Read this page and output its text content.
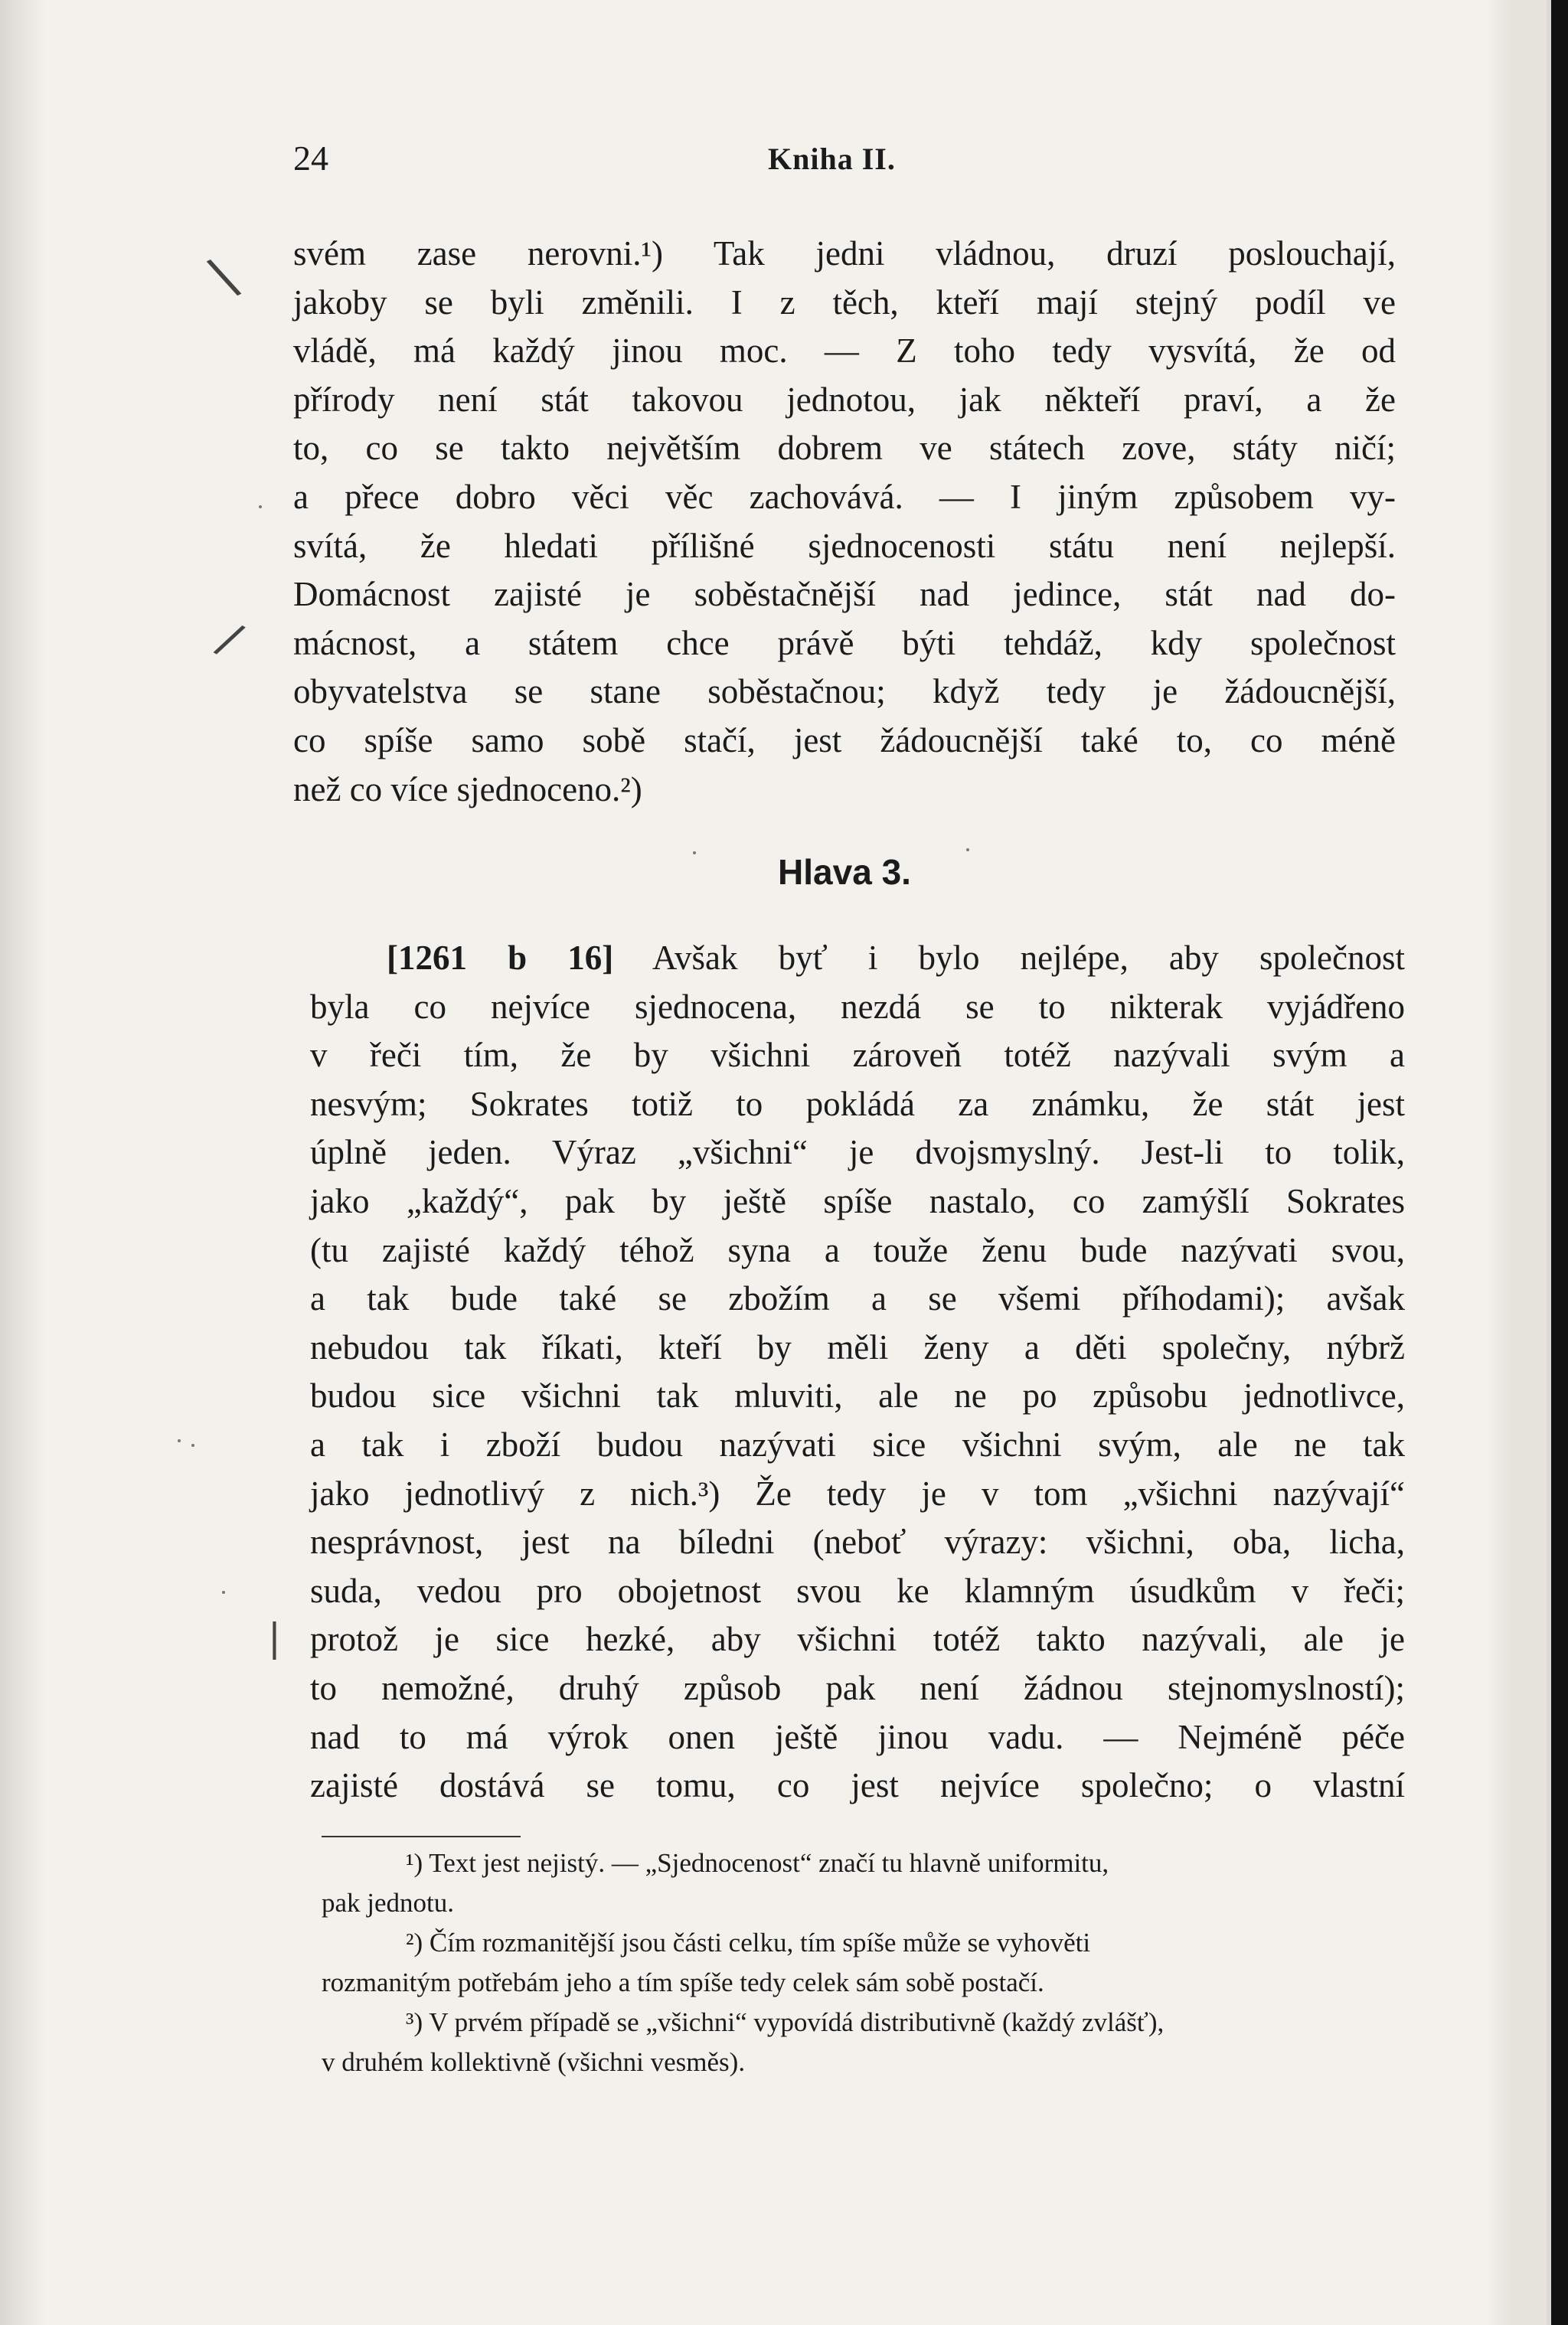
\
/
|
24	Kniha II.
svém zase nerovni.¹) Tak jedni vládnou, druzí poslouchají,
jakoby se byli změnili. I z těch, kteří mají stejný podíl ve
vládě, má každý jinou moc. — Z toho tedy vysvítá, že od
přírody není stát takovou jednotou, jak někteří praví, a že
to, co se takto největším dobrem ve státech zove, státy ničí;
a přece dobro věci věc zachovává. — I jiným způsobem vy-
svítá, že hledati přílišné sjednocenosti státu není nejlepší.
Domácnost zajisté je soběstačnější nad jedince, stát nad do-
mácnost, a státem chce právě býti tehdáž, kdy společnost
obyvatelstva se stane soběstačnou; když tedy je žádoucnější,
co spíše samo sobě stačí, jest žádoucnější také to, co méně
než co více sjednoceno.²)
Hlava 3.
[1261 b 16] Avšak byť i bylo nejlépe, aby společnost
byla co nejvíce sjednocena, nezdá se to nikterak vyjádřeno
v řeči tím, že by všichni zároveň totéž nazývali svým a
nesvým; Sokrates totiž to pokládá za známku, že stát jest
úplně jeden. Výraz „všichni“ je dvojsmyslný. Jest-li to tolik,
jako „každý“, pak by ještě spíše nastalo, co zamýšlí Sokrates
(tu zajisté každý téhož syna a touže ženu bude nazývati svou,
a tak bude také se zbožím a se všemi příhodami); avšak
nebudou tak říkati, kteří by měli ženy a děti společny, nýbrž
budou sice všichni tak mluviti, ale ne po způsobu jednotlivce,
a tak i zboží budou nazývati sice všichni svým, ale ne tak
jako jednotlivý z nich.³) Že tedy je v tom „všichni nazývají“
nesprávnost, jest na bíledni (neboť výrazy: všichni, oba, licha,
suda, vedou pro obojetnost svou ke klamným úsudkům v řeči;
protož je sice hezké, aby všichni totéž takto nazývali, ale je
to nemožné, druhý způsob pak není žádnou stejnomyslností);
nad to má výrok onen ještě jinou vadu. — Nejméně péče
zajisté dostává se tomu, co jest nejvíce společno; o vlastní
¹) Text jest nejistý. — „Sjednocenost“ značí tu hlavně uniformitu,
pak jednotu.
²) Čím rozmanitější jsou části celku, tím spíše může se vyhověti
rozmanitým potřebám jeho a tím spíše tedy celek sám sobě postačí.
³) V prvém případě se „všichni“ vypovídá distributivně (každý zvlášť),
v druhém kollektivně (všichni vesměs).
